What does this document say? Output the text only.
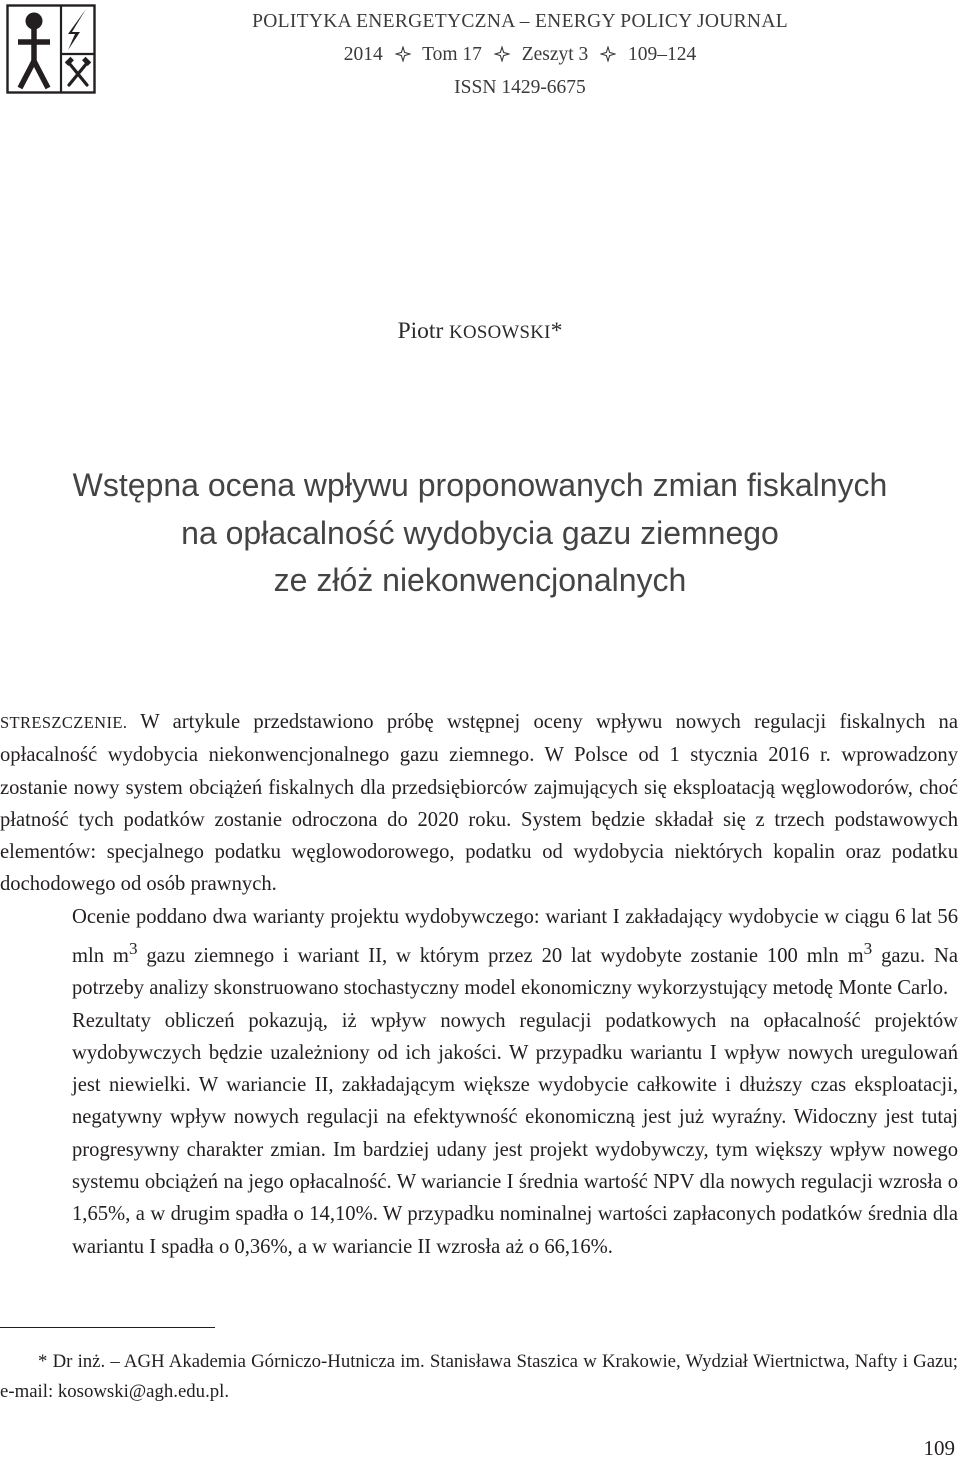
POLITYKA ENERGETYCZNA – ENERGY POLICY JOURNAL
2014 Tom 17 Zeszyt 3 109–124
ISSN 1429-6675
Piotr KOSOWSKI*
Wstępna ocena wpływu proponowanych zmian fiskalnych
na opłacalność wydobycia gazu ziemnego
ze złóż niekonwencjonalnych

STRESZCZENIE. W artykule przedstawiono próbę wstępnej oceny wpływu nowych regulacji fiskalnych na opłacalność wydobycia niekonwencjonalnego gazu ziemnego. W Polsce od 1 stycznia 2016 r. wprowadzony zostanie nowy system obciążeń fiskalnych dla przedsiębiorców zajmujących się eksploatacją węglowodorów, choć płatność tych podatków zostanie odroczona do 2020 roku. System będzie składał się z trzech podstawowych elementów: specjalnego podatku węglowodorowego, podatku od wydobycia niektórych kopalin oraz podatku dochodowego od osób prawnych.

Ocenie poddano dwa warianty projektu wydobywczego: wariant I zakładający wydobycie w ciągu 6 lat 56 mln $m^3$ gazu ziemnego i wariant II, w którym przez 20 lat wydobyte zostanie 100 mln $m^3$ gazu. Na potrzeby analizy skonstruowano stochastyczny model ekonomiczny wykorzystujący metodę Monte Carlo.

Rezultaty obliczeń pokazują, iż wpływ nowych regulacji podatkowych na opłacalność projektów wydobywczych będzie uzależniony od ich jakości. W przypadku wariantu I wpływ nowych uregulowań jest niewielki. W wariancie II, zakładającym większe wydobycie całkowite i dłuższy czas eksploatacji, negatywny wpływ nowych regulacji na efektywność ekonomiczną jest już wyraźny. Widoczny jest tutaj progresywny charakter zmian. Im bardziej udany jest projekt wydobywczy, tym większy wpływ nowego systemu obciążeń na jego opłacalność. W wariancie I średnia wartość NPV dla nowych regulacji wzrosła o 1,65%, a w drugim spadła o 14,10%. W przypadku nominalnej wartości zapłaconych podatków średnia dla wariantu I spadła o 0,36%, a w wariancie II wzrosła aż o 66,16%.

* Dr inż. – AGH Akademia Górniczo-Hutnicza im. Stanisława Staszica w Krakowie, Wydział Wiertnictwa, Nafty i Gazu; e-mail: kosowski@agh.edu.pl.
109
